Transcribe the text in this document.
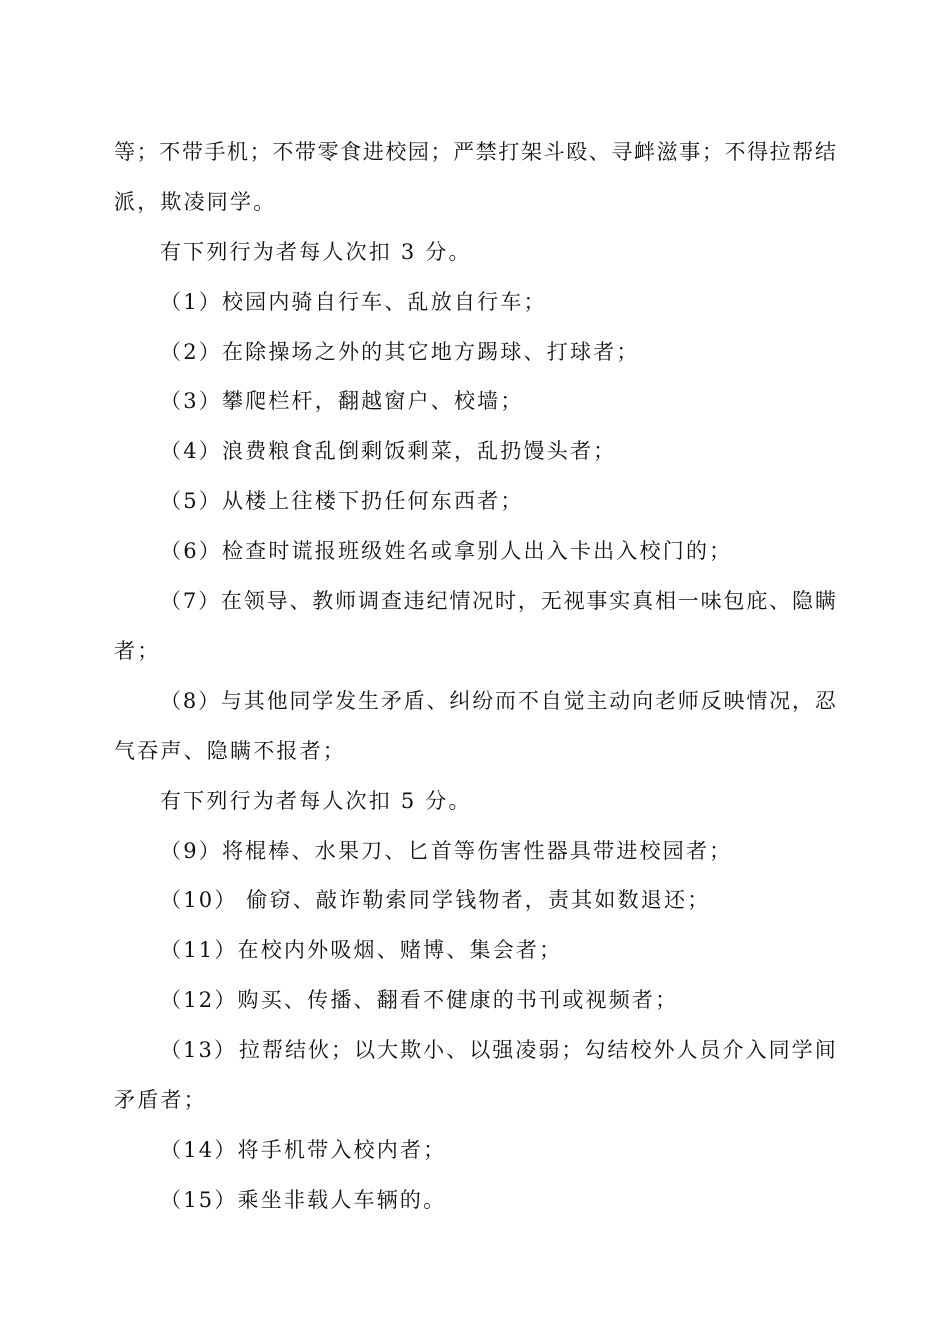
等 ； 不 带 手 机 ； 不 带 零 食 进 校 园 ； 严 禁 打 架 斗 殴 、 寻 衅 滋 事 ； 不 得 拉 帮 结
派，欺凌同学。
有下列行为者每人次扣 3 分。
（1）校园内骑自行车、乱放自行车；
（2）在除操场之外的其它地方踢球、打球者；
（3）攀爬栏杆，翻越窗户、校墙；
（4）浪费粮食乱倒剩饭剩菜，乱扔馒头者；
（5）从楼上往楼下扔任何东西者；
（6）检查时谎报班级姓名或拿别人出入卡出入校门的；
（ 7 ） 在 领 导 、 教 师 调 查 违 纪 情 况 时 ， 无 视 事 实 真 相 一 味 包 庇 、 隐 瞒
者；
（ 8 ） 与 其 他 同 学 发 生 矛 盾 、 纠 纷 而 不 自 觉 主 动 向 老 师 反 映 情 况 ， 忍
气吞声、隐瞒不报者；
有下列行为者每人次扣 5 分。
（9）将棍棒、水果刀、匕首等伤害性器具带进校园者；
（10） 偷窃、敲诈勒索同学钱物者，责其如数退还；
（11）在校内外吸烟、赌博、集会者；
（12）购买、传播、翻看不健康的书刊或视频者；
（ 1 3 ） 拉 帮 结 伙 ； 以 大 欺 小 、 以 强 凌 弱 ； 勾 结 校 外 人 员 介 入 同 学 间
矛盾者；
（14）将手机带入校内者；
（15）乘坐非载人车辆的。
